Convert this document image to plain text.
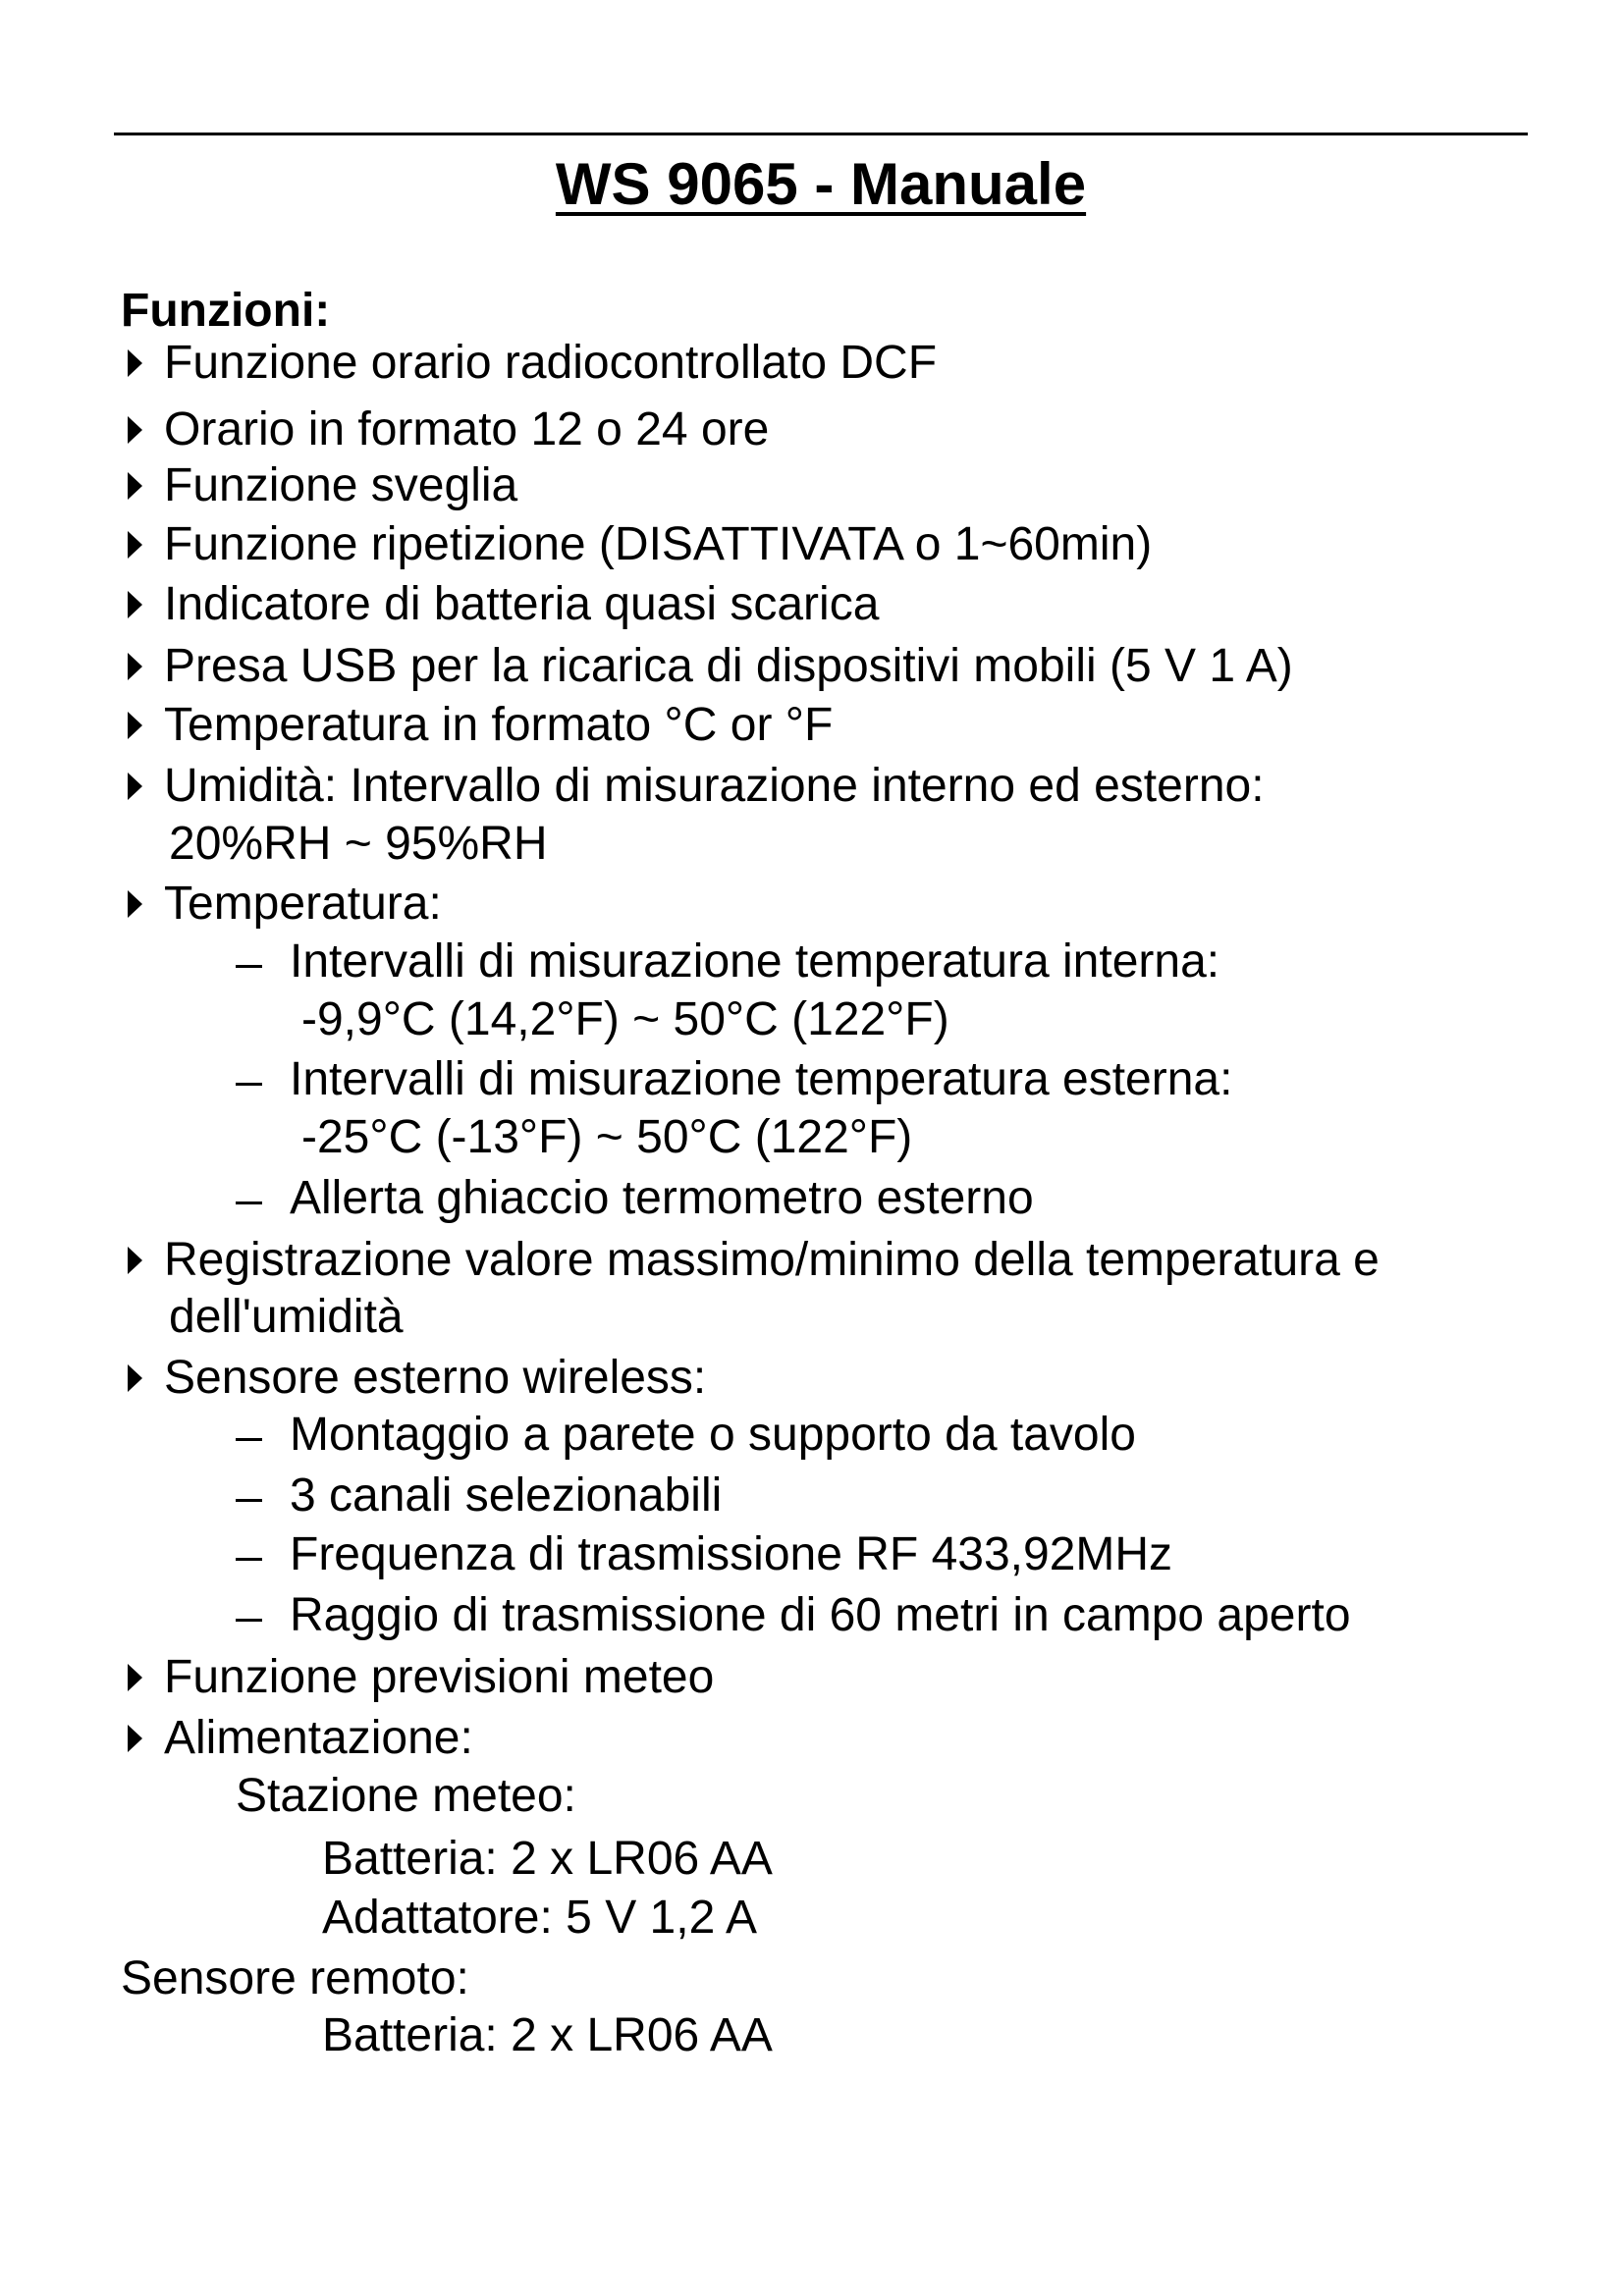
WS 9065 - Manuale
Funzioni:
Funzione orario radiocontrollato DCF
Orario in formato 12 o 24 ore
Funzione sveglia
Funzione ripetizione (DISATTIVATA o 1~60min)
Indicatore di batteria quasi scarica
Presa USB per la ricarica di dispositivi mobili (5 V 1 A)
Temperatura in formato °C or °F
Umidità: Intervallo di misurazione interno ed esterno:
20%RH ~ 95%RH
Temperatura:
Intervalli di misurazione temperatura interna:
-9,9°C (14,2°F) ~ 50°C (122°F)
Intervalli di misurazione temperatura esterna:
-25°C (-13°F) ~ 50°C (122°F)
Allerta ghiaccio termometro esterno
Registrazione valore massimo/minimo della temperatura e
dell'umidità
Sensore esterno wireless:
Montaggio a parete o supporto da tavolo
3 canali selezionabili
Frequenza di trasmissione RF 433,92MHz
Raggio di trasmissione di 60 metri in campo aperto
Funzione previsioni meteo
Alimentazione:
Stazione meteo:
Batteria: 2 x LR06 AA
Adattatore: 5 V 1,2 A
Sensore remoto:
Batteria: 2 x LR06 AA
